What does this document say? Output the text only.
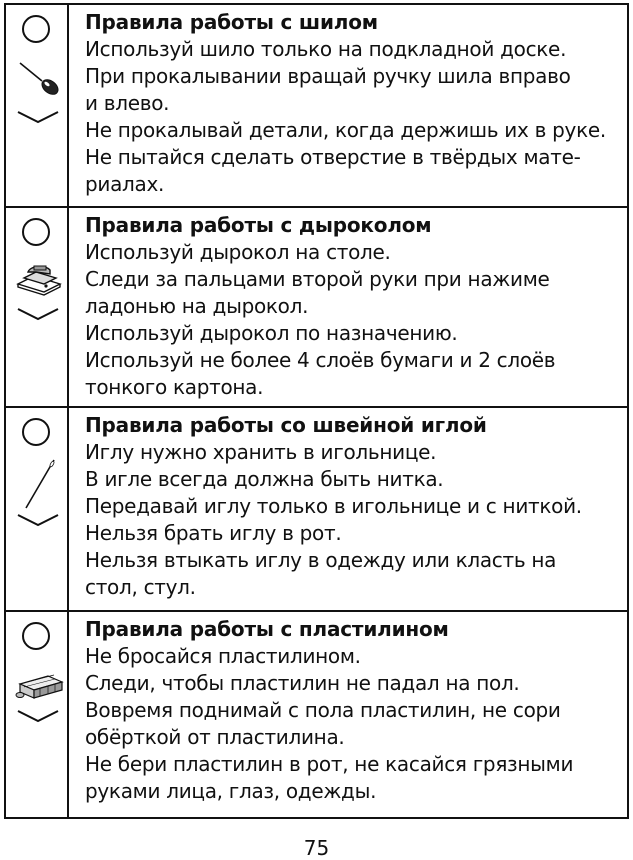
Правила работы с шилом

Используй шило только на подкладной доске.

При прокалывании вращай ручку шила вправо

и влево.

Не прокалывай детали, когда держишь их в руке.

Не пытайся сделать отверстие в твёрдых мате-

риалах.

Правила работы с дыроколом

Используй дырокол на столе.

Следи за пальцами второй руки при нажиме

ладонью на дырокол.

Используй дырокол по назначению.

Используй не более 4 слоёв бумаги и 2 слоёв

тонкого картона.

Правила работы со швейной иглой

Иглу нужно хранить в игольнице.

В игле всегда должна быть нитка.

Передавай иглу только в игольнице и с ниткой.

Нельзя брать иглу в рот.

Нельзя втыкать иглу в одежду или класть на

стол, стул.

Правила работы с пластилином

Не бросайся пластилином.

Следи, чтобы пластилин не падал на пол.

Вовремя поднимай с пола пластилин, не сори

обёрткой от пластилина.

Не бери пластилин в рот, не касайся грязными

руками лица, глаз, одежды.

75
